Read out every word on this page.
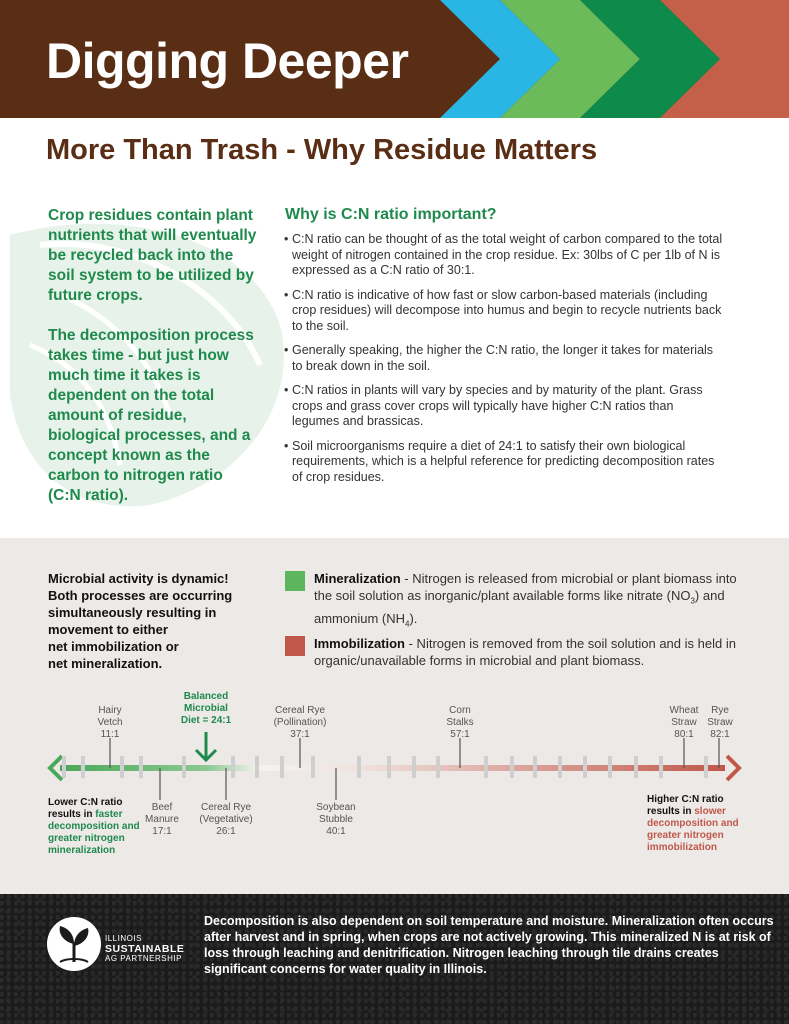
Digging Deeper
More Than Trash - Why Residue Matters

Crop residues contain plant nutrients that will eventually be recycled back into the soil system to be utilized by future crops.

The decomposition process takes time - but just how much time it takes is dependent on the total amount of residue, biological processes, and a concept known as the carbon to nitrogen ratio (C:N ratio).

Why is C:N ratio important?
• C:N ratio can be thought of as the total weight of carbon compared to the total weight of nitrogen contained in the crop residue. Ex: 30lbs of C per 1lb of N is expressed as a C:N ratio of 30:1.
• C:N ratio is indicative of how fast or slow carbon-based materials (including crop residues) will decompose into humus and begin to recycle nutrients back to the soil.
• Generally speaking, the higher the C:N ratio, the longer it takes for materials to break down in the soil.
• C:N ratios in plants will vary by species and by maturity of the plant. Grass crops and grass cover crops will typically have higher C:N ratios than legumes and brassicas.
• Soil microorganisms require a diet of 24:1 to satisfy their own biological requirements, which is a helpful reference for predicting decomposition rates of crop residues.
Microbial activity is dynamic!
Both processes are occurring
simultaneously resulting in
movement to either
net immobilization or
net mineralization.
Mineralization - Nitrogen is released from microbial or plant biomass into the soil solution as inorganic/plant available forms like nitrate $(NO_3)$ and ammonium $(NH_4)$.
Immobilization - Nitrogen is removed from the soil solution and is held in organic/unavailable forms in microbial and plant biomass.
Hairy
Vetch
11:1
Balanced
Microbial
Diet = 24:1
Cereal Rye
(Pollination)
37:1
Corn
Stalks
57:1
Wheat
Straw
80:1
Rye
Straw
82:1
Beef
Manure
17:1
Cereal Rye
(Vegetative)
26:1
Soybean
Stubble
40:1
Lower C:N ratio
results in faster
decomposition and
greater nitrogen
mineralization
Higher C:N ratio
results in slower
decomposition and
greater nitrogen
immobilization
ILLINOIS
SUSTAINABLE
AG PARTNERSHIP
Decomposition is also dependent on soil temperature and moisture. Mineralization often occurs after harvest and in spring, when crops are not actively growing. This mineralized N is at risk of loss through leaching and denitrification. Nitrogen leaching through tile drains creates significant concerns for water quality in Illinois.
